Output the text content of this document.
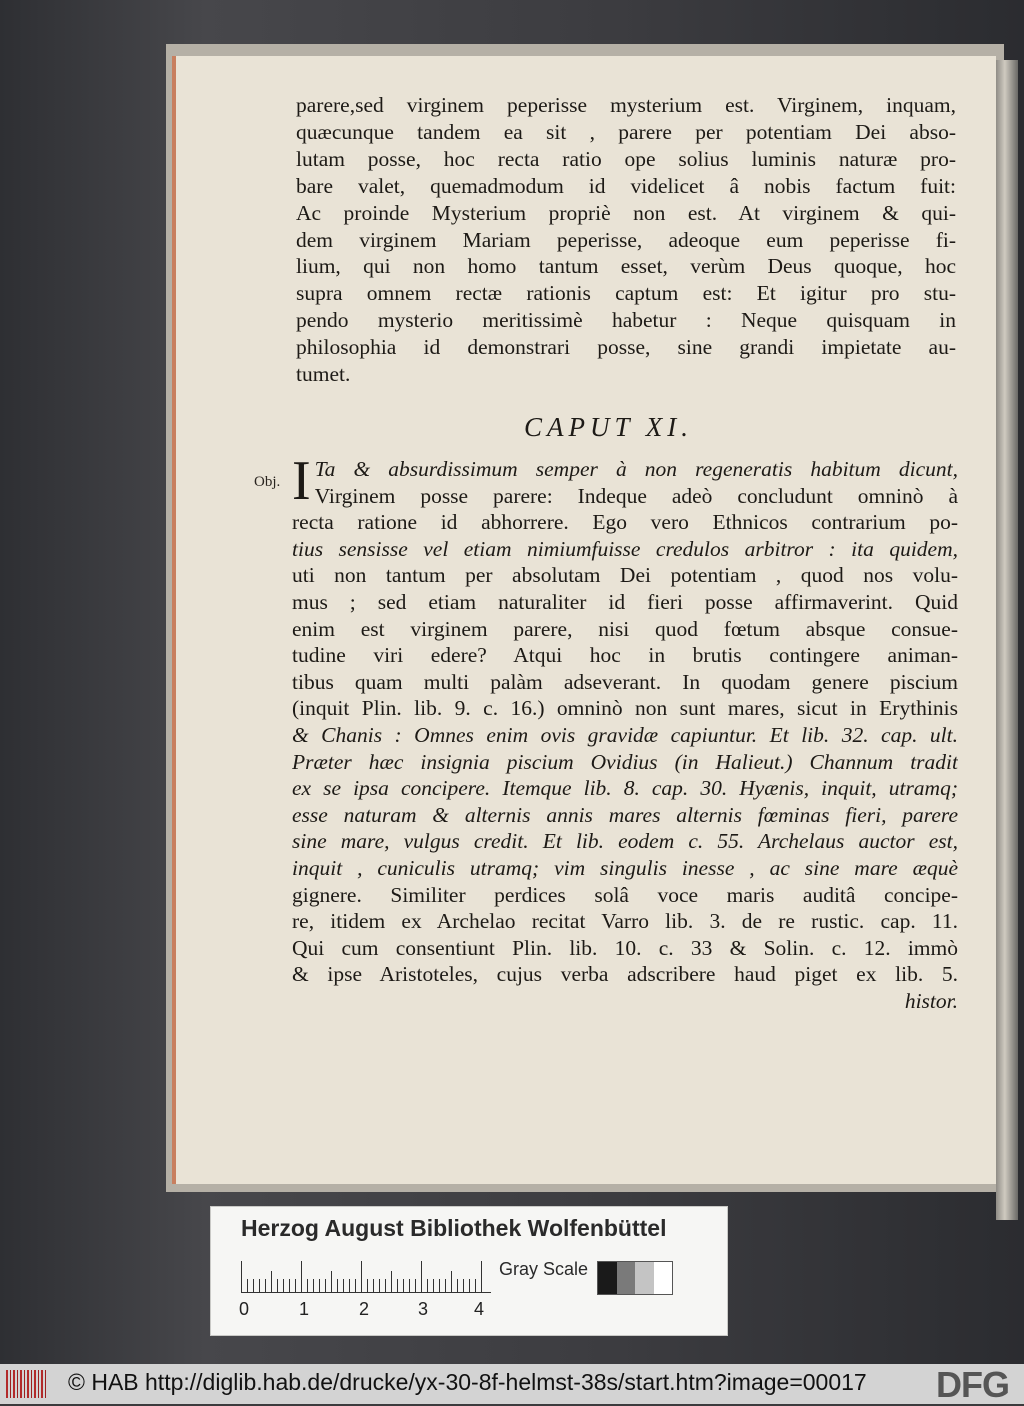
parere,sed virginem peperisse mysterium est. Virginem, inquam,
quæcunque tandem ea sit , parere per potentiam Dei abso-
lutam posse, hoc recta ratio ope solius luminis naturæ pro-
bare valet, quemadmodum id videlicet â nobis factum fuit:
Ac proinde Mysterium propriè non est. At virginem & qui-
dem virginem Mariam peperisse, adeoque eum peperisse fi-
lium, qui non homo tantum esset, verùm Deus quoque, hoc
supra omnem rectæ rationis captum est: Et igitur pro stu-
pendo mysterio meritissimè habetur : Neque quisquam in
philosophia id demonstrari posse, sine grandi impietate au-
tumet.
CAPUT XI.
Obj. I Ta & absurdissimum semper à non regeneratis habitum dicunt,
Virginem posse parere: Indeque adeò concludunt omninò à
recta ratione id abhorrere. Ego vero Ethnicos contrarium po-
tius sensisse vel etiam nimiumfuisse credulos arbitror : ita quidem,
uti non tantum per absolutam Dei potentiam , quod nos volu-
mus ; sed etiam naturaliter id fieri posse affirmaverint. Quid
enim est virginem parere, nisi quod fœtum absque consue-
tudine viri edere? Atqui hoc in brutis contingere animan-
tibus quam multi palàm adseverant. In quodam genere piscium
(inquit Plin. lib. 9. c. 16.) omninò non sunt mares, sicut in Erythinis
& Chanis : Omnes enim ovis gravidæ capiuntur. Et lib. 32. cap. ult.
Præter hæc insignia piscium Ovidius (in Halieut.) Channum tradit
ex se ipsa concipere. Itemque lib. 8. cap. 30. Hyænis, inquit, utramq;
esse naturam & alternis annis mares alternis fœminas fieri, parere
sine mare, vulgus credit. Et lib. eodem c. 55. Archelaus auctor est,
inquit , cuniculis utramq; vim singulis inesse , ac sine mare æquè
gignere. Similiter perdices solâ voce maris auditâ concipe-
re, itidem ex Archelao recitat Varro lib. 3. de re rustic. cap. 11.
Qui cum consentiunt Plin. lib. 10. c. 33 & Solin. c. 12. immò
& ipse Aristoteles, cujus verba adscribere haud piget ex lib. 5.
histor.
Herzog August Bibliothek Wolfenbüttel
0	1	2	3	4
Gray Scale
© HAB http://diglib.hab.de/drucke/yx-30-8f-helmst-38s/start.htm?image=00017 DFG
